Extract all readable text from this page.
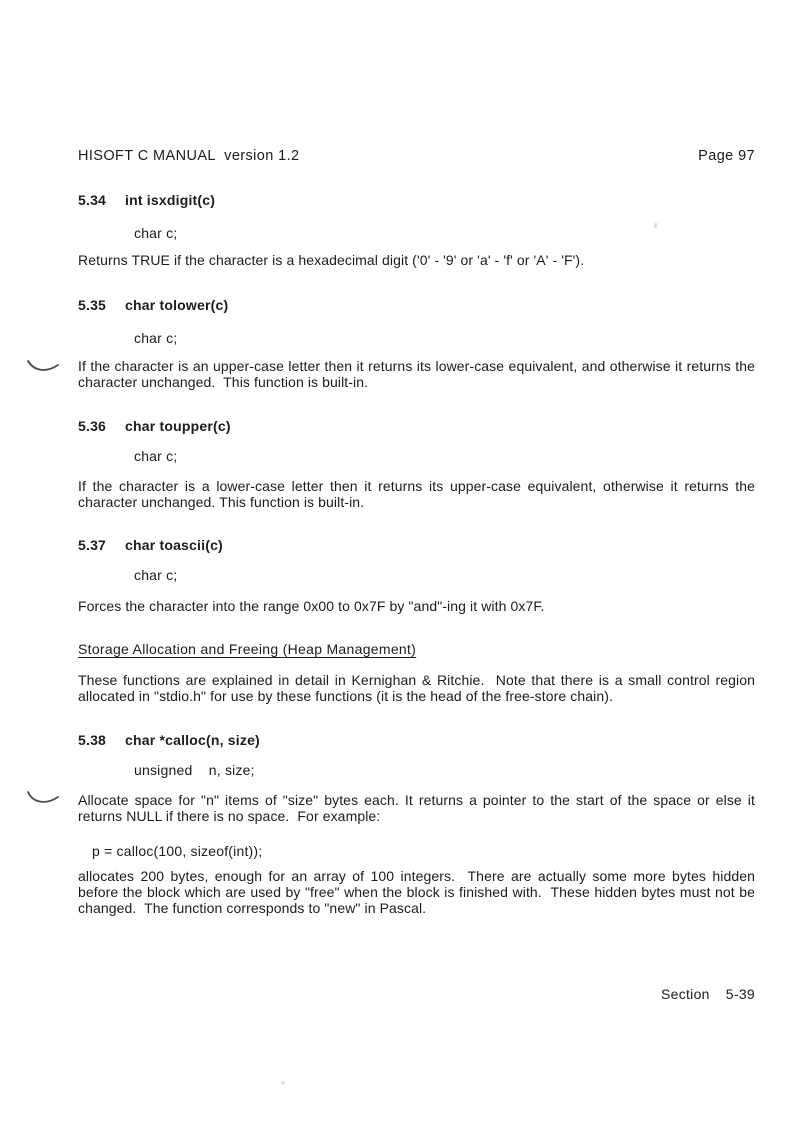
HISOFT C MANUAL  version 1.2	Page 97
5.34 int isxdigit(c)
char c;
Returns TRUE if the character is a hexadecimal digit ('0' - '9' or 'a' - 'f' or 'A' - 'F').
5.35 char tolower(c)
char c;
If the character is an upper-case letter then it returns its lower-case equivalent, and otherwise it returns the character unchanged.  This function is built-in.
5.36 char toupper(c)
char c;
If the character is a lower-case letter then it returns its upper-case equivalent, otherwise it returns the character unchanged. This function is built-in.
5.37 char toascii(c)
char c;
Forces the character into the range 0x00 to 0x7F by "and"-ing it with 0x7F.
Storage Allocation and Freeing (Heap Management)
These functions are explained in detail in Kernighan & Ritchie.  Note that there is a small control region allocated in "stdio.h" for use by these functions (it is the head of the free-store chain).
5.38 char *calloc(n, size)
unsigned    n, size;
Allocate space for "n" items of "size" bytes each. It returns a pointer to the start of the space or else it returns NULL if there is no space.  For example:
p = calloc(100, sizeof(int));
allocates 200 bytes, enough for an array of 100 integers.  There are actually some more bytes hidden before the block which are used by "free" when the block is finished with.  These hidden bytes must not be changed.  The function corresponds to "new" in Pascal.
Section 5-39
